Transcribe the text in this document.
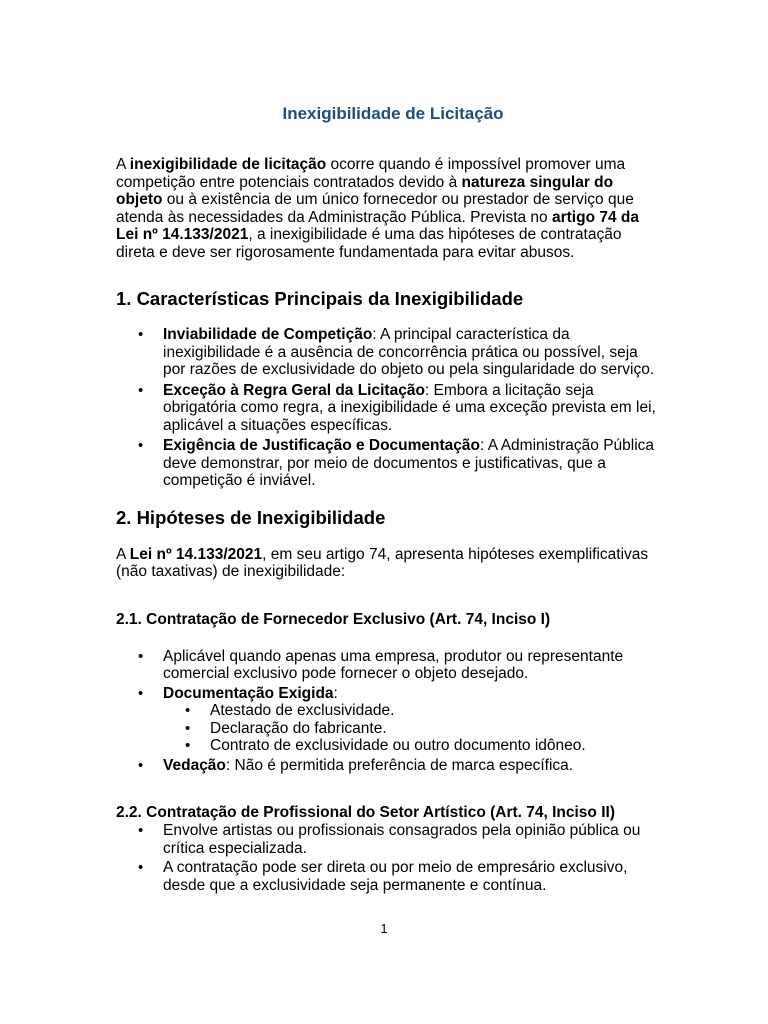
Inexigibilidade de Licitação

A inexigibilidade de licitação ocorre quando é impossível promover uma competição entre potenciais contratados devido à natureza singular do objeto ou à existência de um único fornecedor ou prestador de serviço que atenda às necessidades da Administração Pública. Prevista no artigo 74 da Lei nº 14.133/2021, a inexigibilidade é uma das hipóteses de contratação direta e deve ser rigorosamente fundamentada para evitar abusos.

1. Características Principais da Inexigibilidade
• Inviabilidade de Competição: A principal característica da inexigibilidade é a ausência de concorrência prática ou possível, seja por razões de exclusividade do objeto ou pela singularidade do serviço.
• Exceção à Regra Geral da Licitação: Embora a licitação seja obrigatória como regra, a inexigibilidade é uma exceção prevista em lei, aplicável a situações específicas.
• Exigência de Justificação e Documentação: A Administração Pública deve demonstrar, por meio de documentos e justificativas, que a competição é inviável.
2. Hipóteses de Inexigibilidade

A Lei nº 14.133/2021, em seu artigo 74, apresenta hipóteses exemplificativas (não taxativas) de inexigibilidade:

2.1. Contratação de Fornecedor Exclusivo (Art. 74, Inciso I)
• Aplicável quando apenas uma empresa, produtor ou representante comercial exclusivo pode fornecer o objeto desejado.
• Documentação Exigida:
• Atestado de exclusividade.
• Declaração do fabricante.
• Contrato de exclusividade ou outro documento idôneo.
• Vedação: Não é permitida preferência de marca específica.
2.2. Contratação de Profissional do Setor Artístico (Art. 74, Inciso II)
• Envolve artistas ou profissionais consagrados pela opinião pública ou crítica especializada.
• A contratação pode ser direta ou por meio de empresário exclusivo, desde que a exclusividade seja permanente e contínua.
1
